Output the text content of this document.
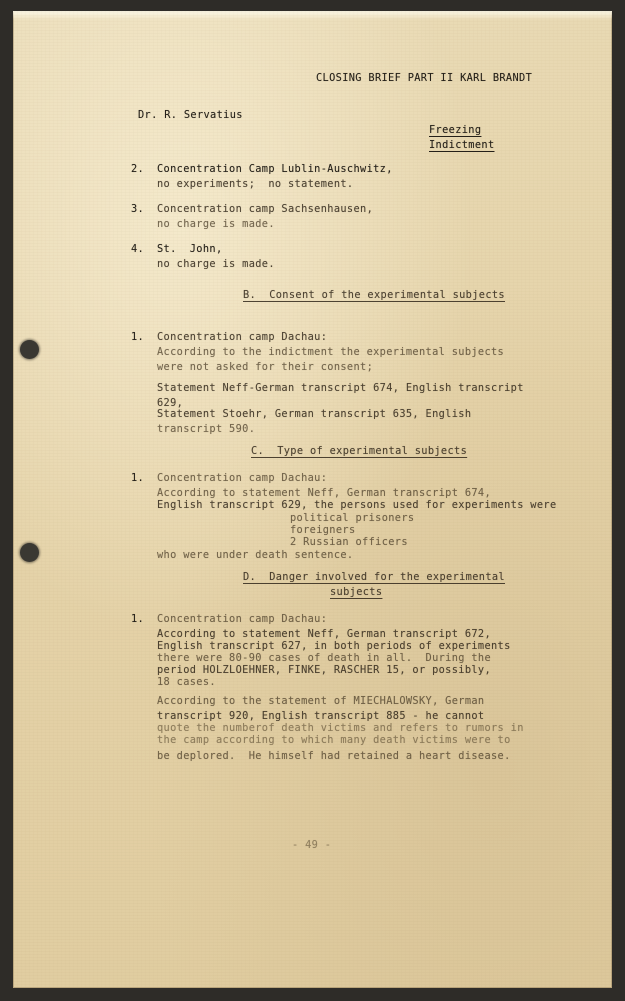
CLOSING BRIEF PART II KARL BRANDT
Dr. R. Servatius
Freezing
Indictment
2. Concentration Camp Lublin-Auschwitz,
no experiments;  no statement.
3. Concentration camp Sachsenhausen,
no charge is made.
4. St.  John,
no charge is made.
B.  Consent of the experimental subjects
1. Concentration camp Dachau:
According to the indictment the experimental subjects
were not asked for their consent;
Statement Neff-German transcript 674, English transcript
629,
Statement Stoehr, German transcript 635, English
transcript 590.
C.  Type of experimental subjects
1. Concentration camp Dachau:
According to statement Neff, German transcript 674,
English transcript 629, the persons used for experiments were
political prisoners
foreigners
2 Russian officers
who were under death sentence.
D.  Danger involved for the experimental
subjects
1. Concentration camp Dachau:
According to statement Neff, German transcript 672,
English transcript 627, in both periods of experiments
there were 80-90 cases of death in all.  During the
period HOLZLOEHNER, FINKE, RASCHER 15, or possibly,
18 cases.
According to the statement of MIECHALOWSKY, German
transcript 920, English transcript 885 - he cannot
quote the numberof death victims and refers to rumors in
the camp according to which many death victims were to
be deplored.  He himself had retained a heart disease.
- 49 -
